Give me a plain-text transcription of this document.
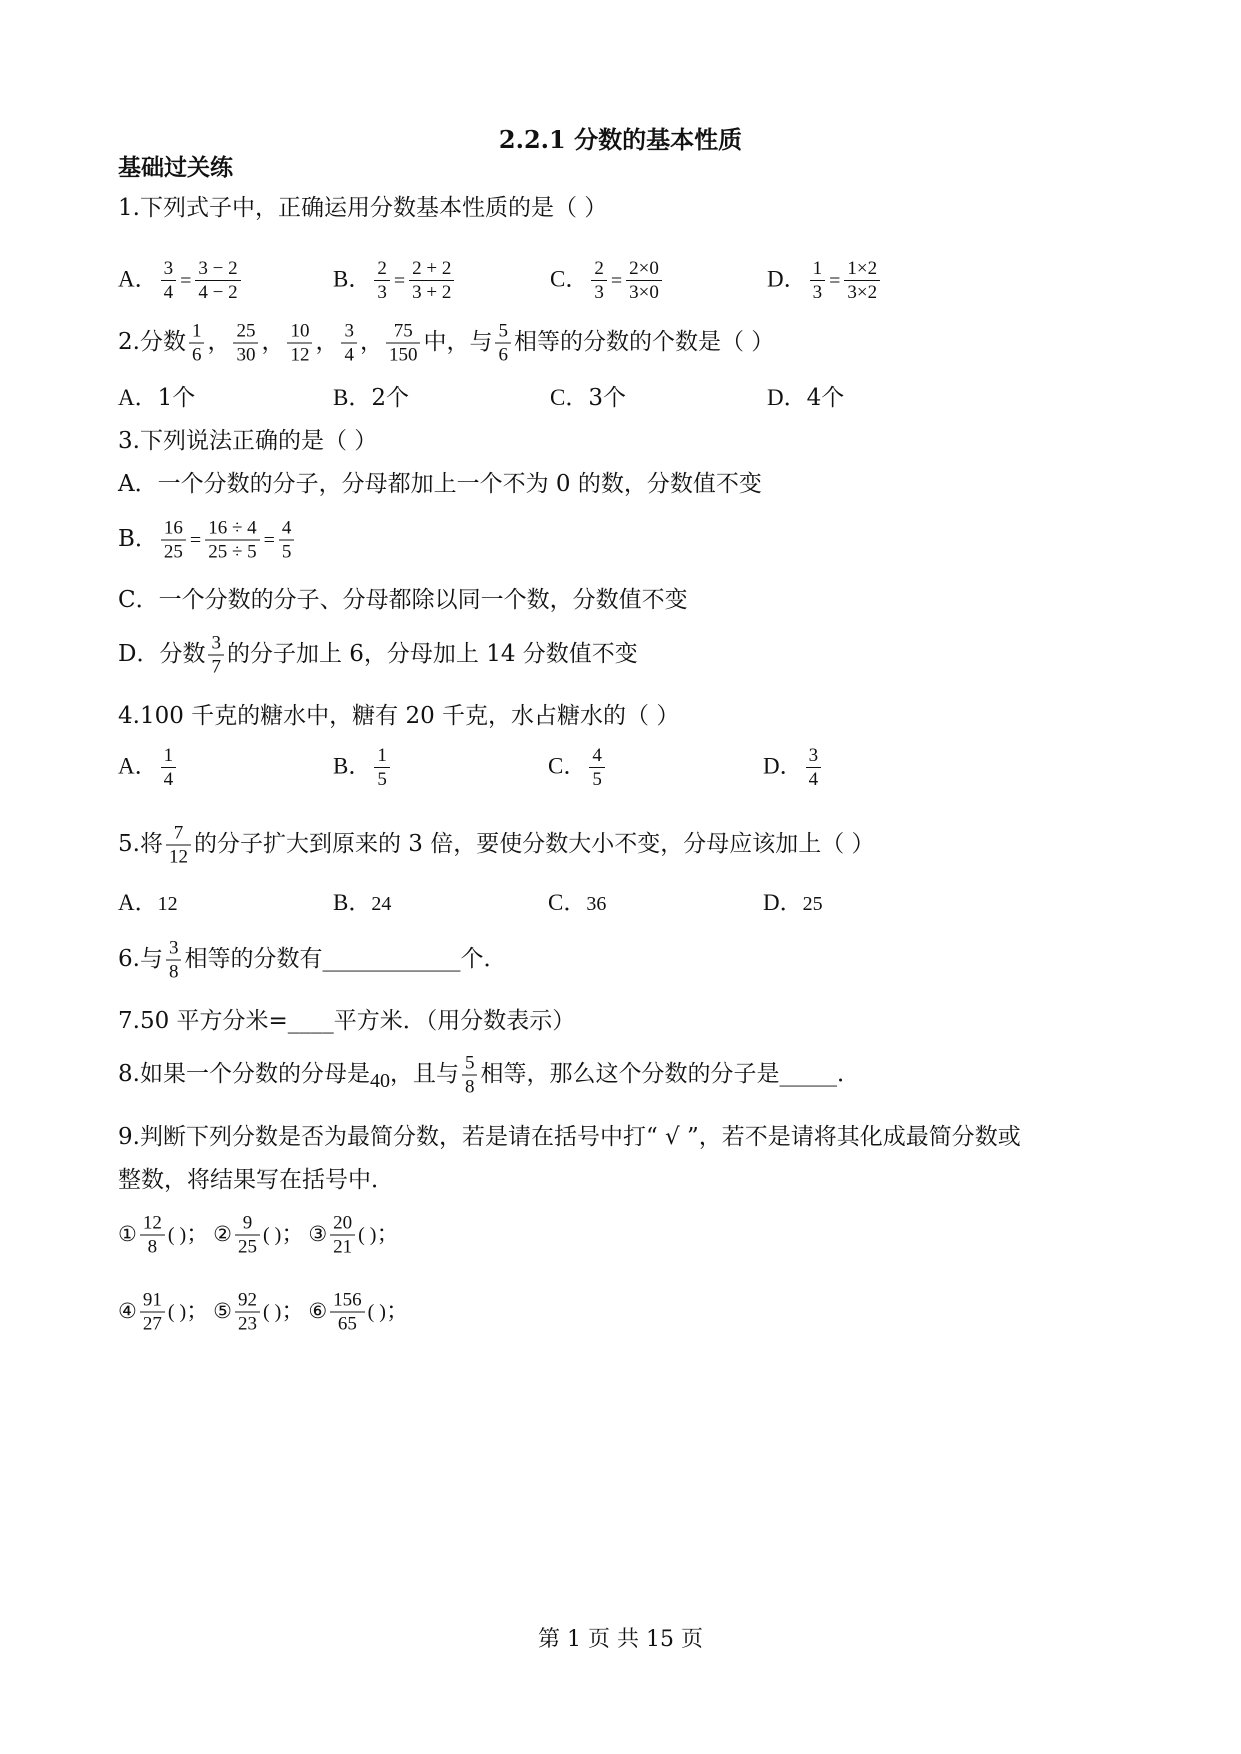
2.2.1 分数的基本性质
基础过关练
1.下列式子中，正确运用分数基本性质的是（ ）
A． $\frac{3}{4} = \frac{3 - 2}{4 - 2}$	B． $\frac{2}{3} = \frac{2 + 2}{3 + 2}$	C． $\frac{2}{3} = \frac{2\times 0}{3\times 0}$	D． $\frac{1}{3} = \frac{1\times 2}{3\times 2}$
2.分数 $\frac{1}{6}$ ， $\frac{25}{30}$ ， $\frac{10}{12}$ ， $\frac{3}{4}$ ， $\frac{75}{150}$ 中，与 $\frac{5}{6}$ 相等的分数的个数是（ ）
A．1个	B．2个	C．3个	D．4个
3.下列说法正确的是（ ）
A．一个分数的分子，分母都加上一个不为 0 的数，分数值不变
B． $\frac{16}{25} = \frac{16 \div 4}{25 \div 5} = \frac{4}{5}$
C．一个分数的分子、分母都除以同一个数，分数值不变
D．分数 $\frac{3}{7}$ 的分子加上 6，分母加上 14 分数值不变
4.100 千克的糖水中，糖有 20 千克，水占糖水的（ ）
A． $\frac{1}{4}$	B． $\frac{1}{5}$	C． $\frac{4}{5}$	D． $\frac{3}{4}$
5.将 $\frac{7}{12}$ 的分子扩大到原来的 3 倍，要使分数大小不变，分母应该加上（ ）
A．12	B．24	C．36	D．25
6.与 $\frac{3}{8}$ 相等的分数有____________个．
7.50 平方分米=____平方米．（用分数表示）
8.如果一个分数的分母是40，且与 $\frac{5}{8}$ 相等，那么这个分数的分子是_____．
9.判断下列分数是否为最简分数，若是请在括号中打“ √ ”，若不是请将其化成最简分数或
整数，将结果写在括号中．
① $\frac{12}{8}$ ( )； ② $\frac{9}{25}$ ( )； ③ $\frac{20}{21}$ ( )；
④ $\frac{91}{27}$ ( )； ⑤ $\frac{92}{23}$ ( )； ⑥ $\frac{156}{65}$ ( )；
第 1 页 共 15 页
